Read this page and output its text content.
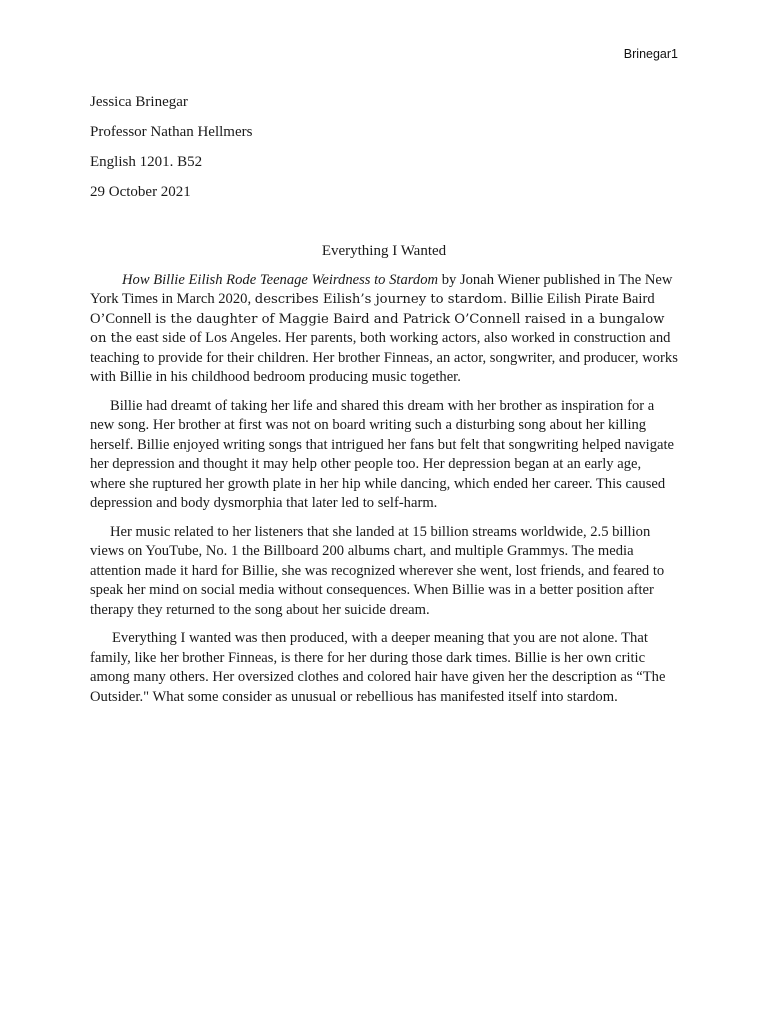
Brinegar1
Jessica Brinegar
Professor Nathan Hellmers
English 1201. B52
29 October 2021
Everything I Wanted

How Billie Eilish Rode Teenage Weirdness to Stardom by Jonah Wiener published in The New York Times in March 2020, describes Eilish’s journey to stardom. Billie Eilish Pirate Baird O’Connell is the daughter of Maggie Baird and Patrick O’Connell raised in a bungalow on the east side of Los Angeles. Her parents, both working actors, also worked in construction and teaching to provide for their children. Her brother Finneas, an actor, songwriter, and producer, works with Billie in his childhood bedroom producing music together.

Billie had dreamt of taking her life and shared this dream with her brother as inspiration for a new song. Her brother at first was not on board writing such a disturbing song about her killing herself. Billie enjoyed writing songs that intrigued her fans but felt that songwriting helped navigate her depression and thought it may help other people too. Her depression began at an early age, where she ruptured her growth plate in her hip while dancing, which ended her career. This caused depression and body dysmorphia that later led to self-harm.

Her music related to her listeners that she landed at 15 billion streams worldwide, 2.5 billion views on YouTube, No. 1 the Billboard 200 albums chart, and multiple Grammys. The media attention made it hard for Billie, she was recognized wherever she went, lost friends, and feared to speak her mind on social media without consequences. When Billie was in a better position after therapy they returned to the song about her suicide dream.

Everything I wanted was then produced, with a deeper meaning that you are not alone. That family, like her brother Finneas, is there for her during those dark times. Billie is her own critic among many others. Her oversized clothes and colored hair have given her the description as “The Outsider." What some consider as unusual or rebellious has manifested itself into stardom.
